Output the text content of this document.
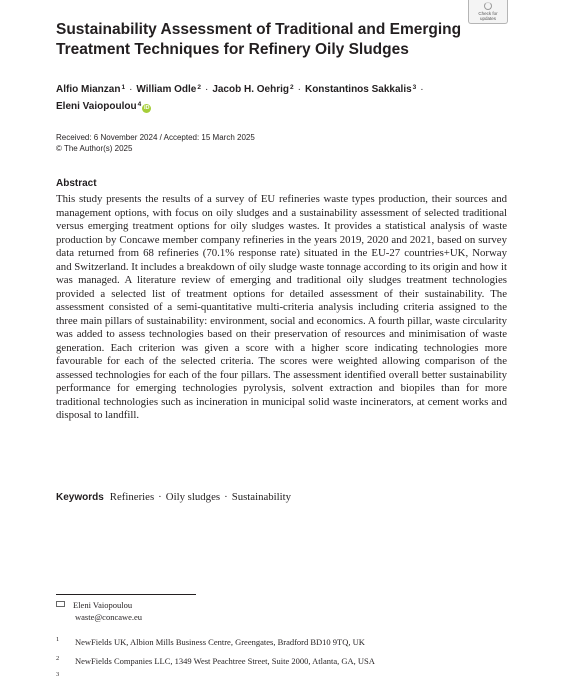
Sustainability Assessment of Traditional and Emerging Treatment Techniques for Refinery Oily Sludges
Check for
updates
Alfio Mianzan$^1$ · William Odle$^2$ · Jacob H. Oehrig$^2$ · Konstantinos Sakkalis$^3$ ·
Eleni Vaiopoulou$^4$ iD
Received: 6 November 2024 / Accepted: 15 March 2025
© The Author(s) 2025
Abstract

This study presents the results of a survey of EU refineries waste types production, their sources and management options, with focus on oily sludges and a sustainability assessment of selected traditional versus emerging treatment options for oily sludges wastes. It provides a statistical analysis of waste production by Concawe member company refineries in the years 2019, 2020 and 2021, based on survey data returned from 68 refineries (70.1% response rate) situated in the EU-27 countries+UK, Norway and Switzerland. It includes a breakdown of oily sludge waste tonnage according to its origin and how it was managed. A literature review of emerging and traditional oily sludges treatment technologies provided a selected list of treatment options for detailed assessment of their sustainability. The assessment consisted of a semi-quantitative multi-criteria analysis including criteria assigned to the three main pillars of sustainability: environment, social and economics. A fourth pillar, waste circularity was added to assess technologies based on their preservation of resources and minimisation of waste generation. Each criterion was given a score with a higher score indicating technologies more favourable for each of the selected criteria. The scores were weighted allowing comparison of the assessed technologies for each of the four pillars. The assessment identified overall better sustainability performance for emerging technologies pyrolysis, solvent extraction and biopiles than for more traditional technologies such as incineration in municipal solid waste incinerators, at cement works and disposal to landfill.

Keywords Refineries · Oily sludges · Sustainability
Eleni Vaiopoulou
waste@concawe.eu
1 NewFields UK, Albion Mills Business Centre, Greengates, Bradford BD10 9TQ, UK
2 NewFields Companies LLC, 1349 West Peachtree Street, Suite 2000, Atlanta, GA, USA
3
